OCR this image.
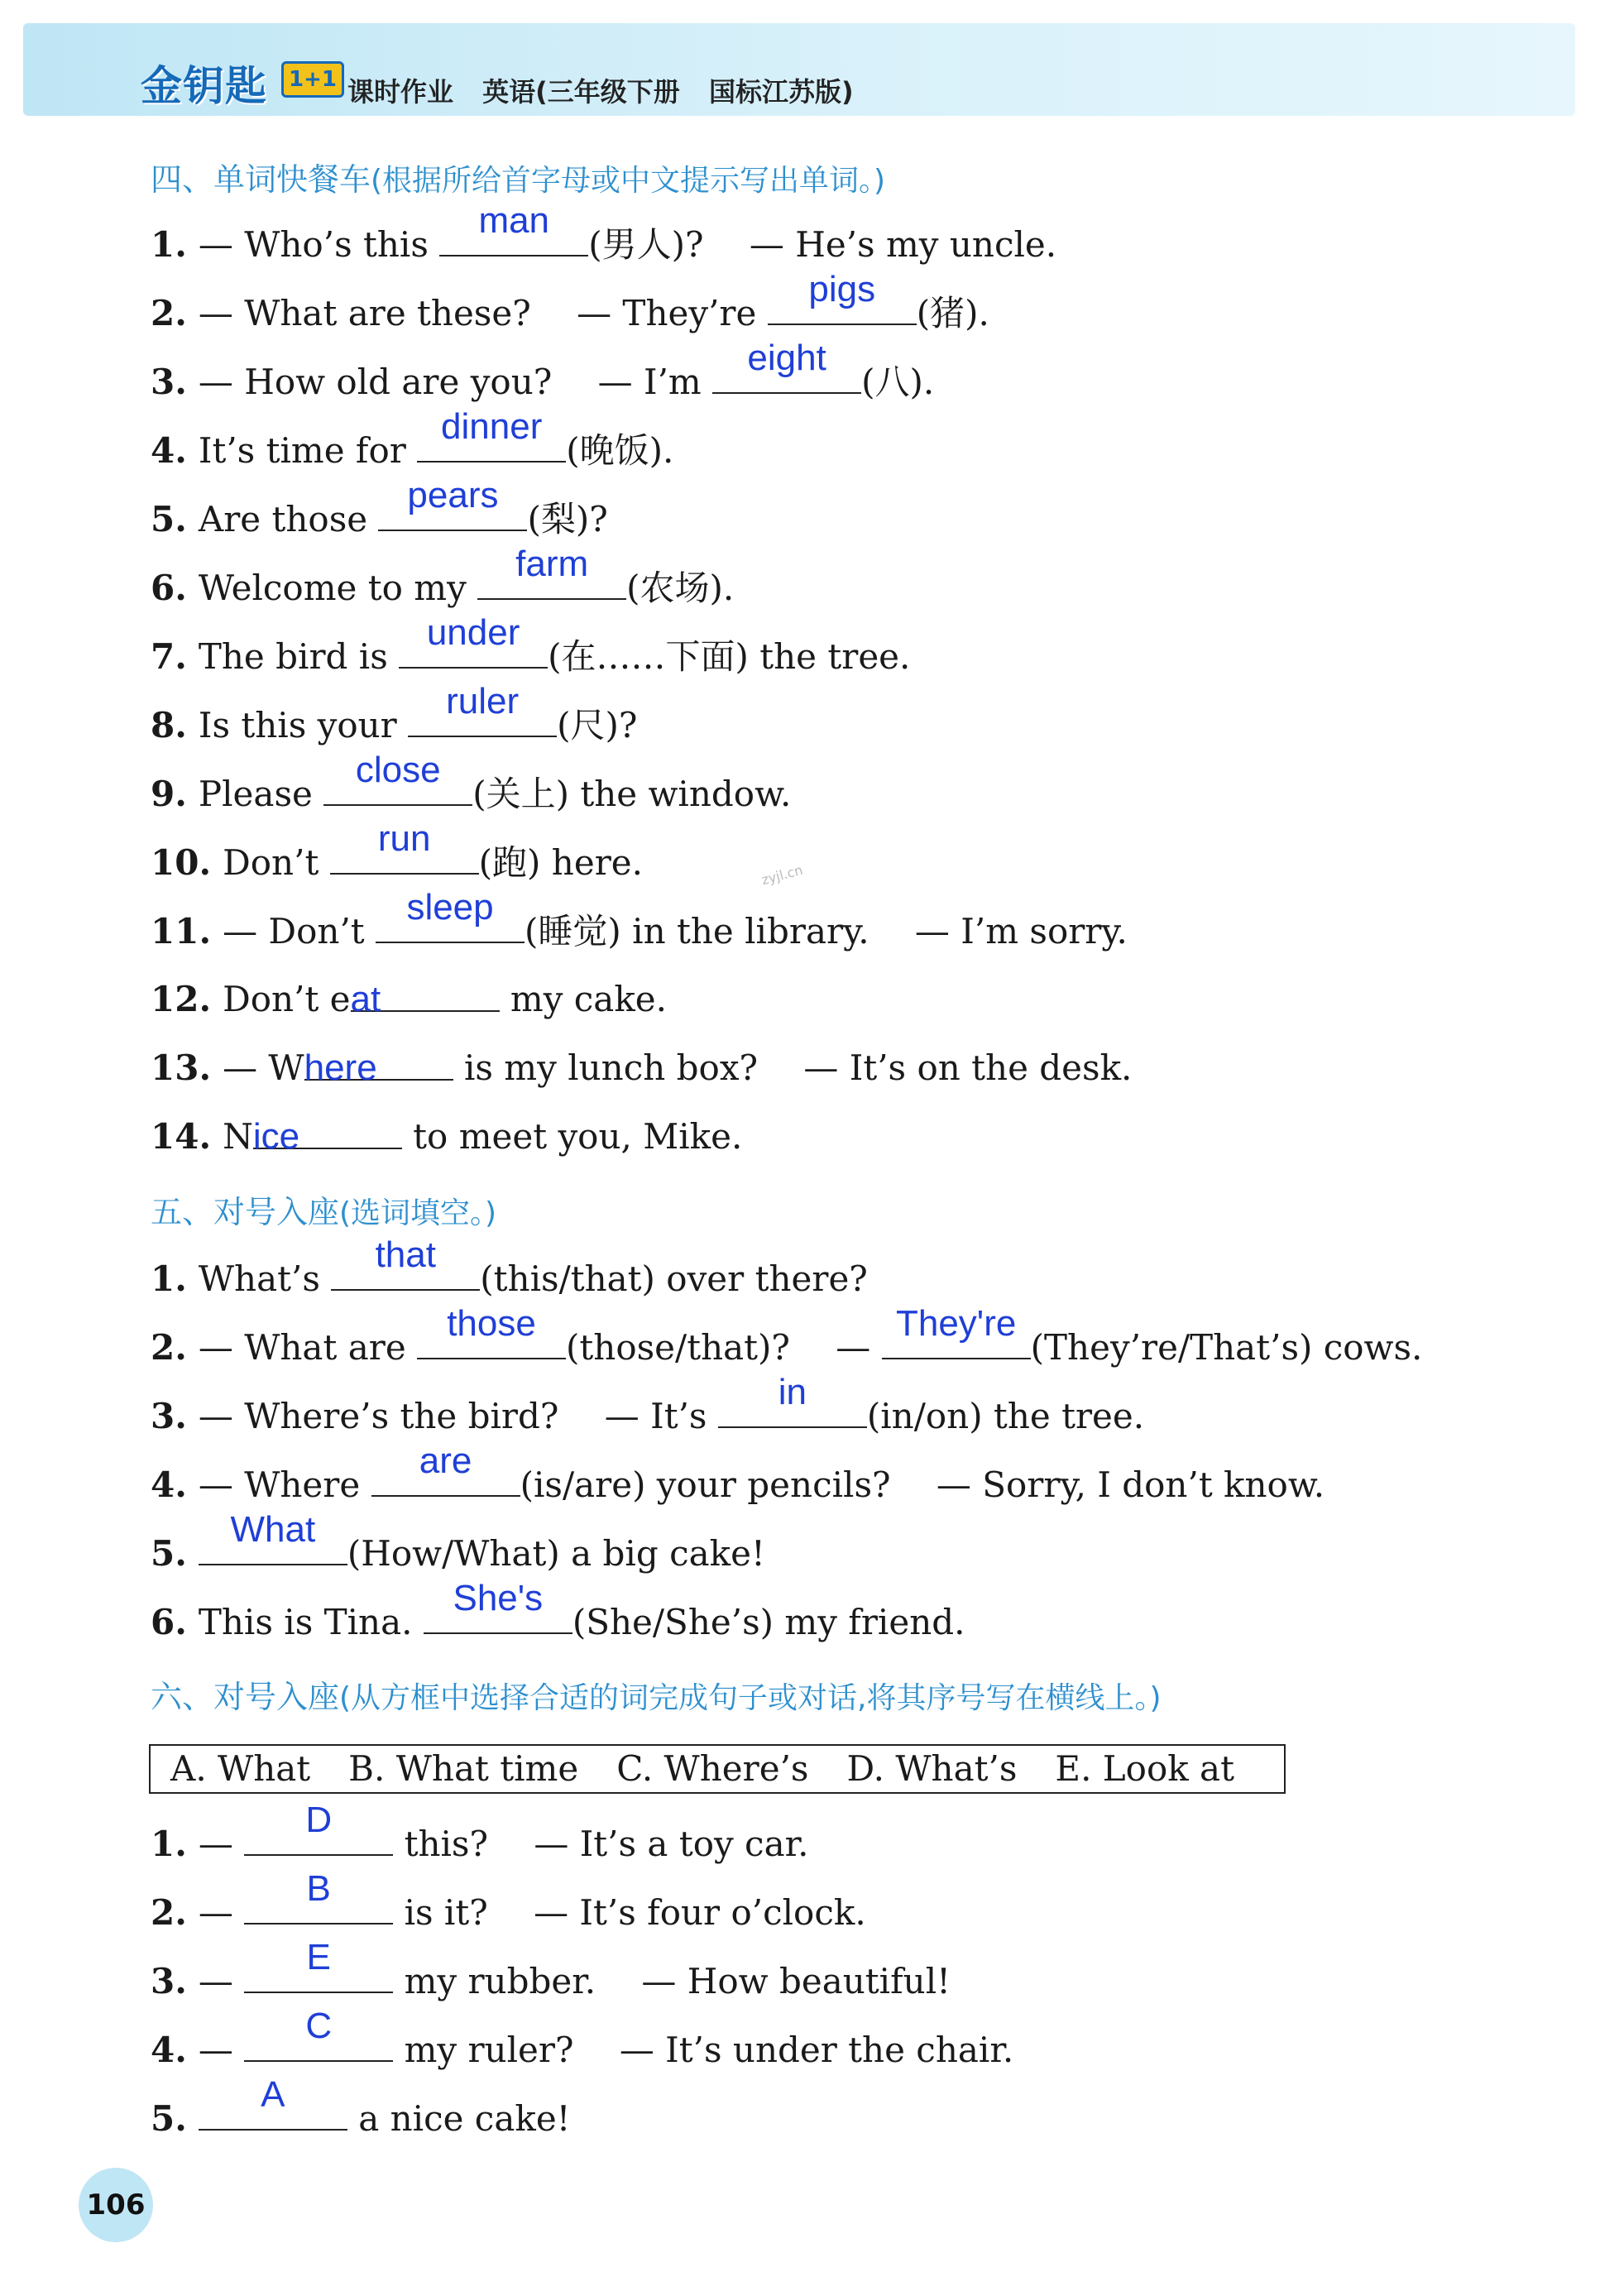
金钥匙	1+1 课时作业 英语(三年级下册 国标江苏版)
四、单词快餐车(根据所给首字母或中文提示写出单词。)
1. — Who’s this
man
(男人)?　 — He’s my uncle.
2. — What are these?　 — They’re
pigs
(猪).
3. — How old are you?　 — I’m
eight
(八).
4. It’s time for
dinner
(晚饭).
5. Are those
pears
(梨)?
6. Welcome to my
farm
(农场).
7. The bird is
under
(在……下面) the tree.
8. Is this your
ruler
(尺)?
9. Please
close
(关上) the window.
10. Don’t
run
(跑) here.	zyjl.cn
11. — Don’t
sleep
(睡觉) in the library.　 — I’m sorry.
12. Don’t eat	my cake.
13. — Where is my lunch box?　 — It’s on the desk.
14. Nice	to meet you, Mike.
五、对号入座(选词填空。)
1. What’s
that
(this/that) over there?
2. — What are
those
(those/that)?　 —
They're
(They’re/That’s) cows.
3. — Where’s the bird?　 — It’s
in
(in/on) the tree.
4. — Where
are
(is/are) your pencils?　 — Sorry, I don’t know.
5.
What
(How/What) a big cake!
6. This is Tina.
She's
(She/She’s) my friend.
六、对号入座(从方框中选择合适的词完成句子或对话,将其序号写在横线上。)
A. What B. What time C. Where’s D. What’s E. Look at
1. —
D
this?　 — It’s a toy car.
2. —
B
is it?　 — It’s four o’clock.
3. —
E
my rubber.　 — How beautiful!
4. —
C
my ruler?　 — It’s under the chair.
5.
A
a nice cake!
106
